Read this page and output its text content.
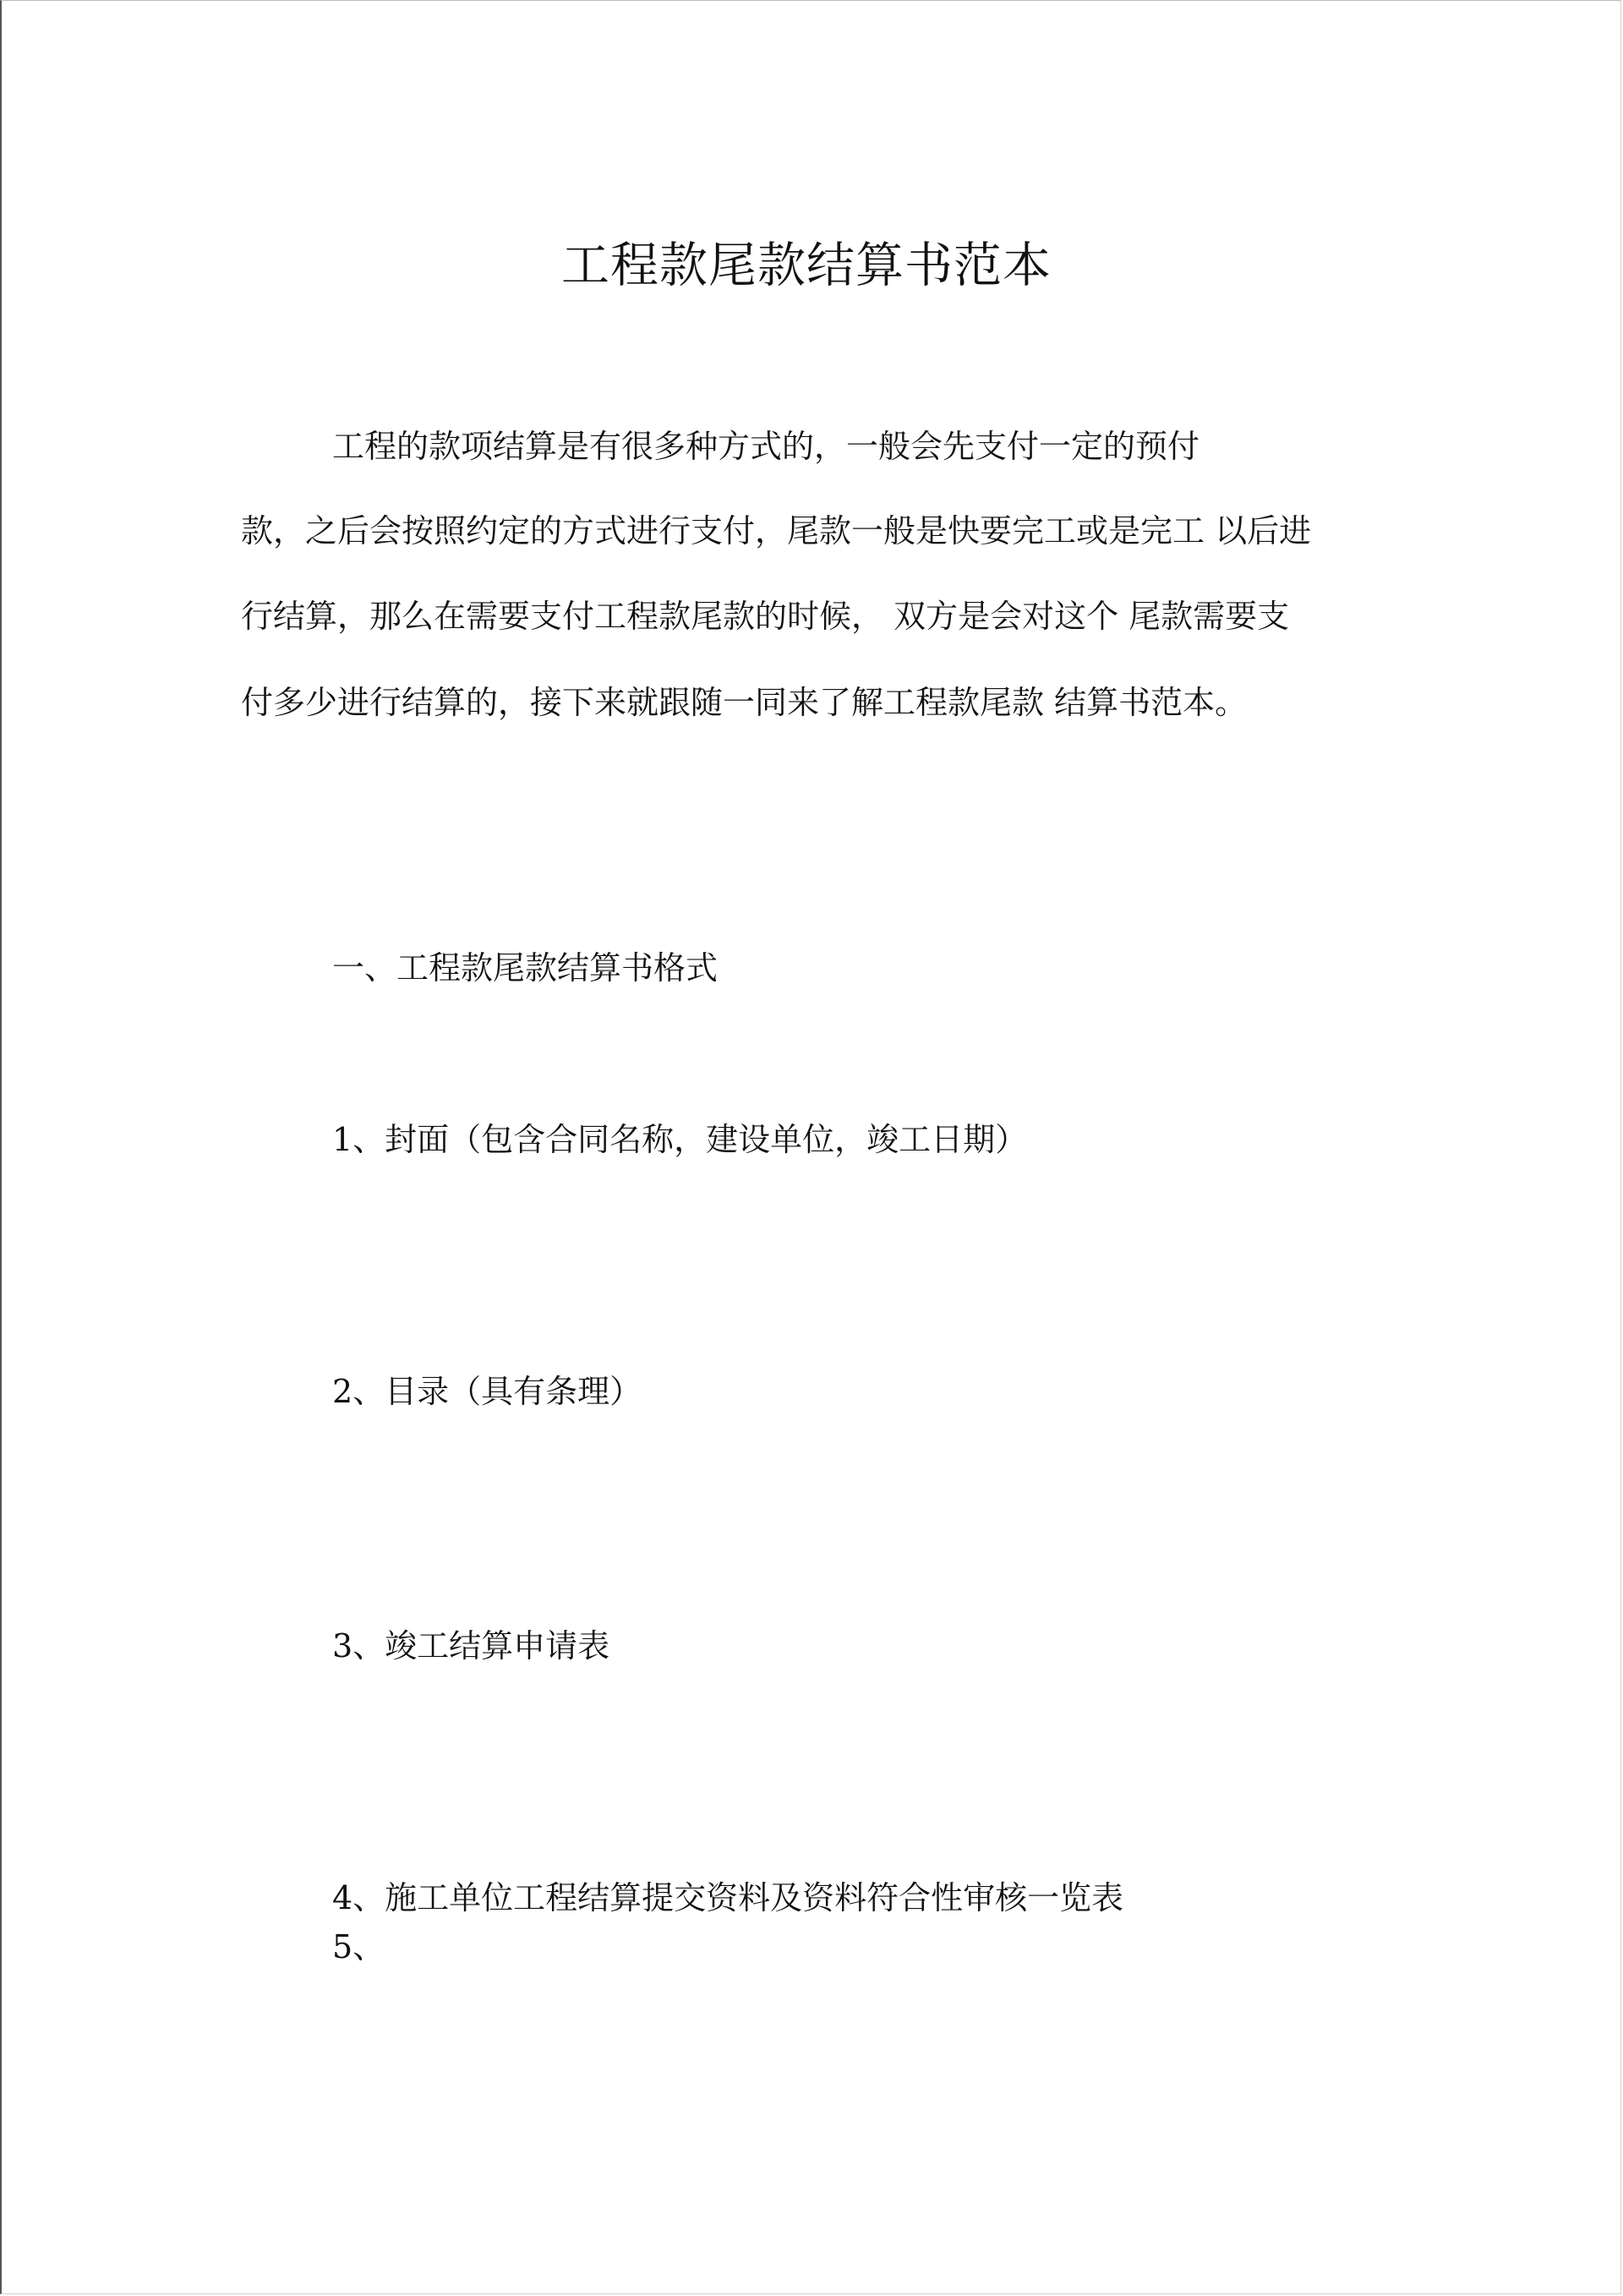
工程款尾款结算书范本
工程的款项结算是有很多种方式的，一般会先支付一定的预付
款，之后会按照约定的方式进行支付，尾款一般是快要完工或是完工 以后进
行结算，那么在需要支付工程款尾款的时候， 双方是会对这个 尾款需要支
付多少进行结算的，接下来就跟随一同来了解工程款尾款 结算书范本。
一、工程款尾款结算书格式
1、封面（包含合同名称，建设单位，竣工日期）
2、目录（具有条理）
3、竣工结算申请表
4、施工单位工程结算提交资料及资料符合性审核一览表
5、
